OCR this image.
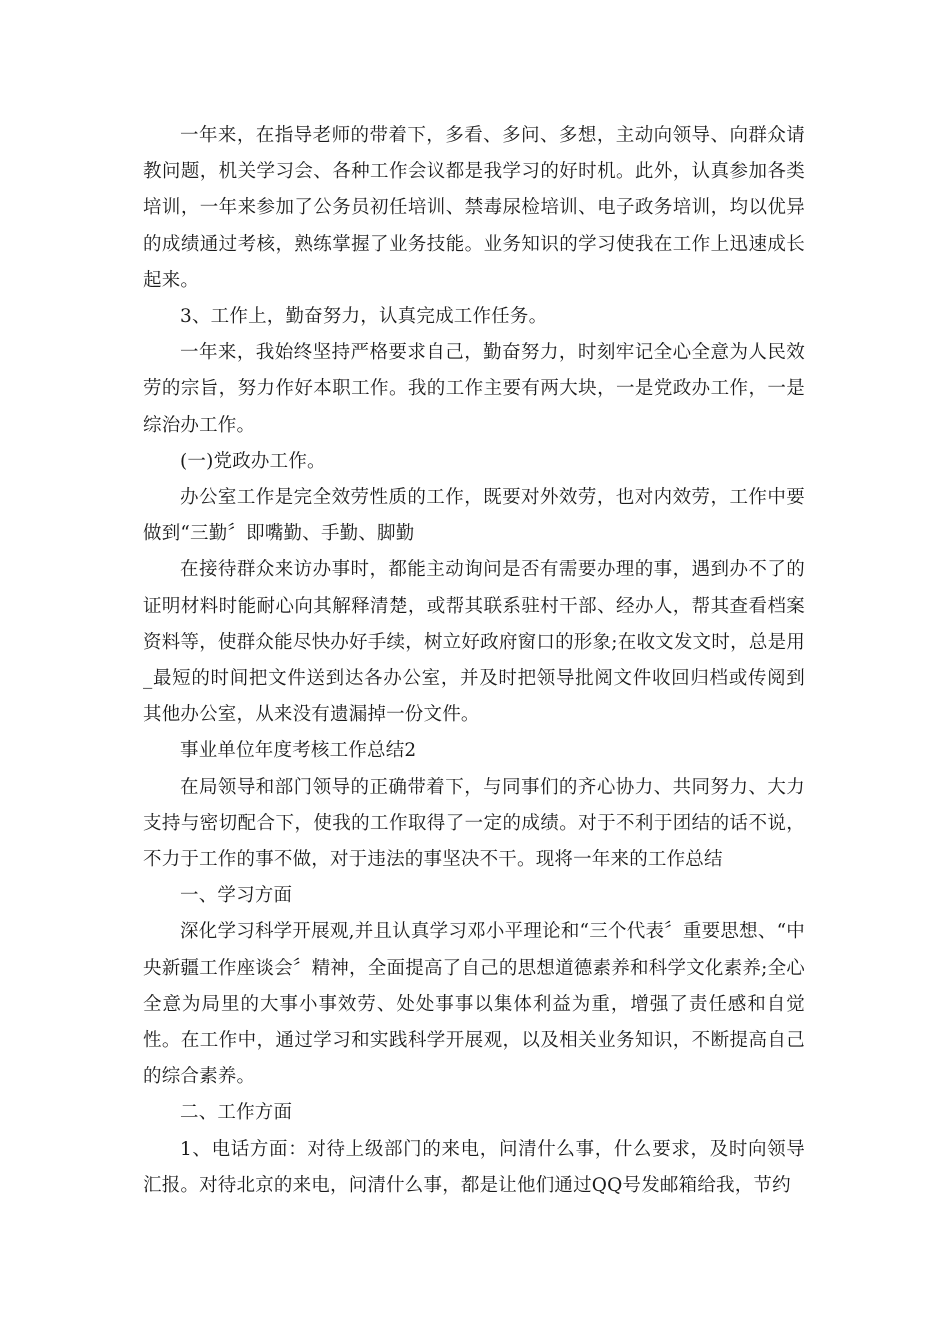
一年来，在指导老师的带着下，多看、多问、多想，主动向领导、向群众请教问题，机关学习会、各种工作会议都是我学习的好时机。此外，认真参加各类培训，一年来参加了公务员初任培训、禁毒尿检培训、电子政务培训，均以优异的成绩通过考核，熟练掌握了业务技能。业务知识的学习使我在工作上迅速成长起来。

3、工作上，勤奋努力，认真完成工作任务。

一年来，我始终坚持严格要求自己，勤奋努力，时刻牢记全心全意为人民效劳的宗旨，努力作好本职工作。我的工作主要有两大块，一是党政办工作，一是综治办工作。

(一)党政办工作。

办公室工作是完全效劳性质的工作，既要对外效劳，也对内效劳，工作中要做到“三勤〞即嘴勤、手勤、脚勤

在接待群众来访办事时，都能主动询问是否有需要办理的事，遇到办不了的证明材料时能耐心向其解释清楚，或帮其联系驻村干部、经办人，帮其查看档案资料等，使群众能尽快办好手续，树立好政府窗口的形象;在收文发文时，总是用_最短的时间把文件送到达各办公室，并及时把领导批阅文件收回归档或传阅到其他办公室，从来没有遗漏掉一份文件。

事业单位年度考核工作总结2

在局领导和部门领导的正确带着下，与同事们的齐心协力、共同努力、大力支持与密切配合下，使我的工作取得了一定的成绩。对于不利于团结的话不说，不力于工作的事不做，对于违法的事坚决不干。现将一年来的工作总结

一、学习方面

深化学习科学开展观,并且认真学习邓小平理论和“三个代表〞重要思想、“中央新疆工作座谈会〞精神，全面提高了自己的思想道德素养和科学文化素养;全心全意为局里的大事小事效劳、处处事事以集体利益为重，增强了责任感和自觉性。在工作中，通过学习和实践科学开展观，以及相关业务知识，不断提高自己的综合素养。

二、工作方面

1、电话方面：对待上级部门的来电，问清什么事，什么要求，及时向领导汇报。对待北京的来电，问清什么事，都是让他们通过QQ号发邮箱给我，节约
